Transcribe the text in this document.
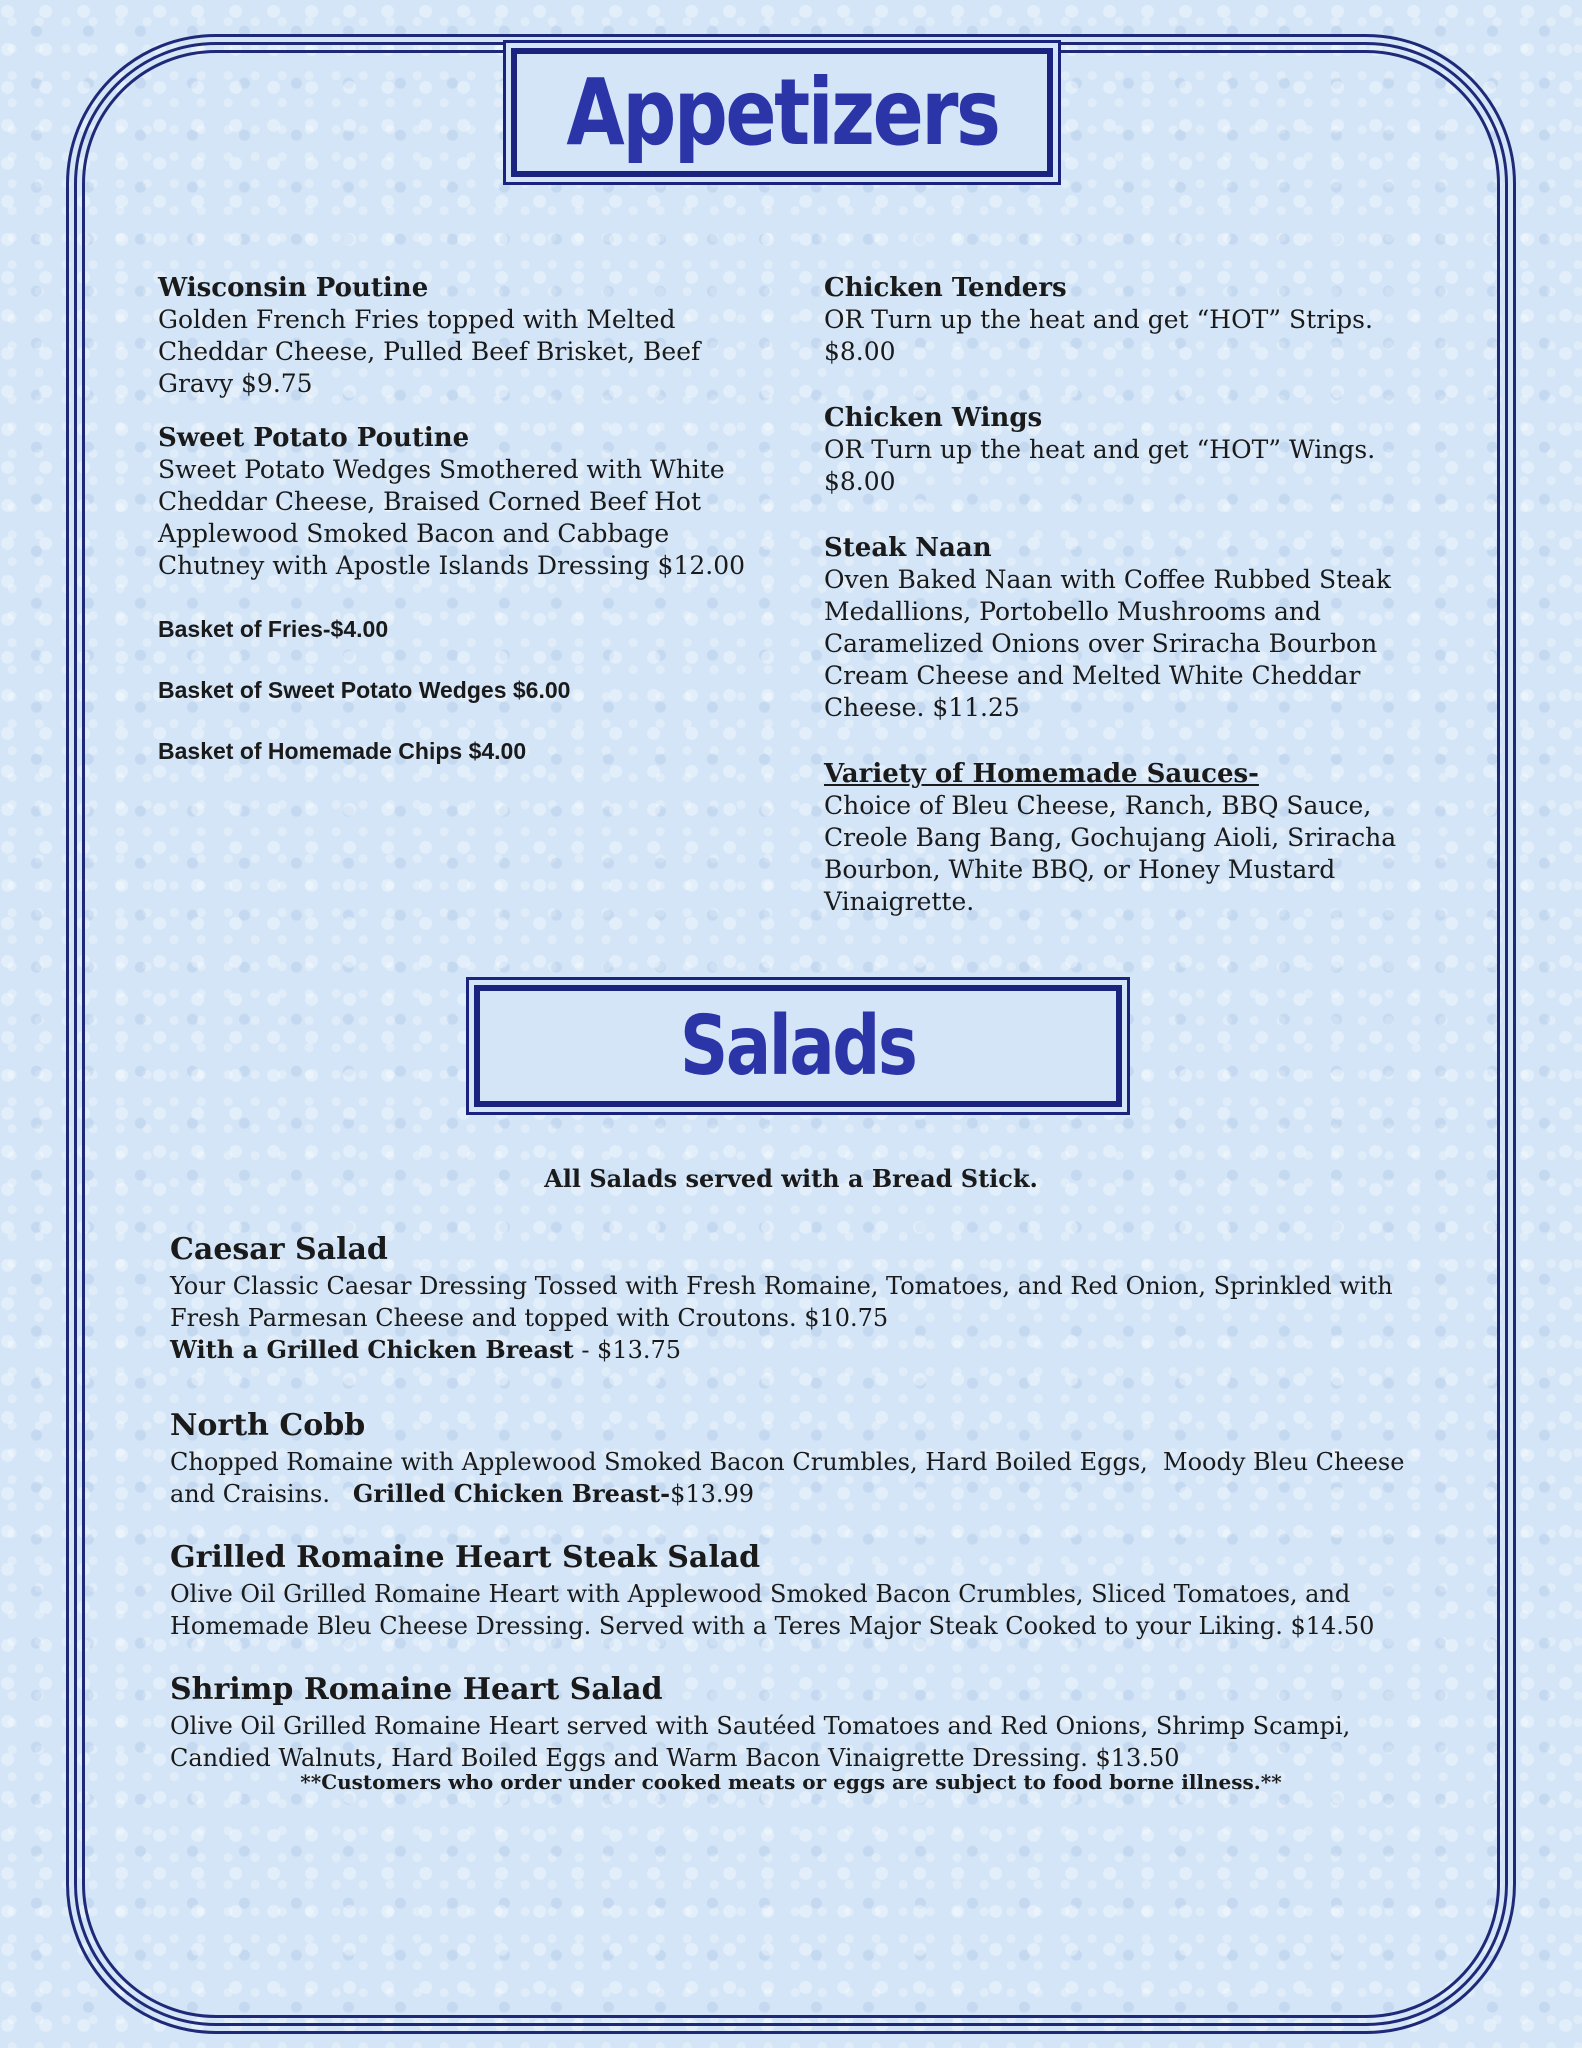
Appetizers
Wisconsin Poutine
Golden French Fries topped with Melted Cheddar Cheese, Pulled Beef Brisket, Beef Gravy $9.75
Sweet Potato Poutine
Sweet Potato Wedges Smothered with White Cheddar Cheese, Braised Corned Beef Hot Applewood Smoked Bacon and Cabbage Chutney with Apostle Islands Dressing $12.00
Basket of Fries-$4.00
Basket of Sweet Potato Wedges $6.00
Basket of Homemade Chips $4.00
Chicken Tenders
OR Turn up the heat and get “HOT” Strips. $8.00
Chicken Wings
OR Turn up the heat and get “HOT” Wings. $8.00
Steak Naan
Oven Baked Naan with Coffee Rubbed Steak Medallions, Portobello Mushrooms and Caramelized Onions over Sriracha Bourbon Cream Cheese and Melted White Cheddar Cheese. $11.25
Variety of Homemade Sauces-
Choice of Bleu Cheese, Ranch, BBQ Sauce, Creole Bang Bang, Gochujang Aioli, Sriracha Bourbon, White BBQ, or Honey Mustard Vinaigrette.
Salads
All Salads served with a Bread Stick.
Caesar Salad
Your Classic Caesar Dressing Tossed with Fresh Romaine, Tomatoes, and Red Onion, Sprinkled with Fresh Parmesan Cheese and topped with Croutons. $10.75
With a Grilled Chicken Breast - $13.75
North Cobb
Chopped Romaine with Applewood Smoked Bacon Crumbles, Hard Boiled Eggs,  Moody Bleu Cheese and Craisins.   Grilled Chicken Breast-$13.99
Grilled Romaine Heart Steak Salad
Olive Oil Grilled Romaine Heart with Applewood Smoked Bacon Crumbles, Sliced Tomatoes, and Homemade Bleu Cheese Dressing. Served with a Teres Major Steak Cooked to your Liking. $14.50
Shrimp Romaine Heart Salad
Olive Oil Grilled Romaine Heart served with Sautéed Tomatoes and Red Onions, Shrimp Scampi, Candied Walnuts, Hard Boiled Eggs and Warm Bacon Vinaigrette Dressing. $13.50
**Customers who order under cooked meats or eggs are subject to food borne illness.**
